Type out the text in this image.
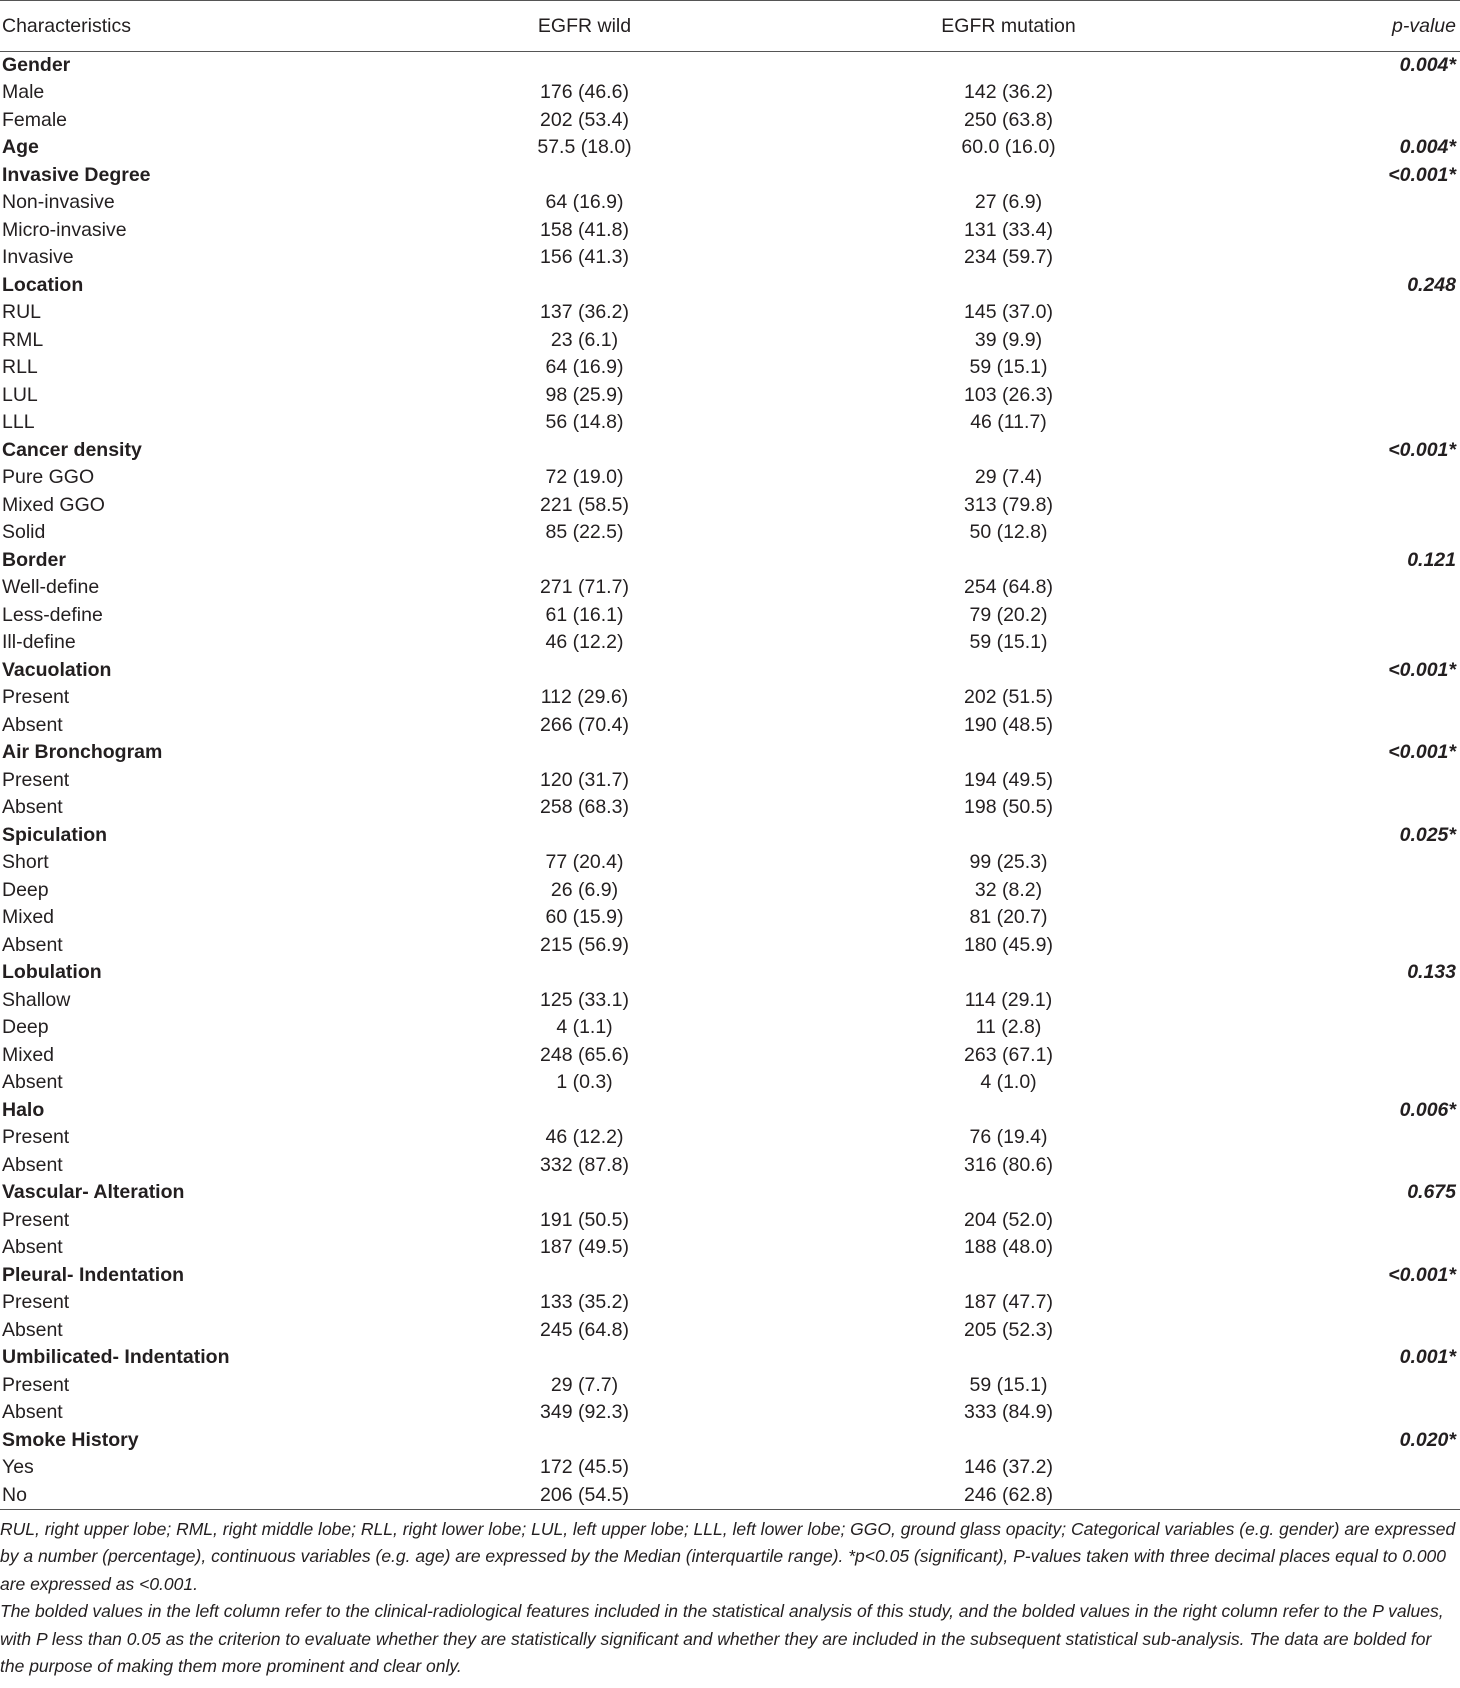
Characteristics	EGFR wild	EGFR mutation	p-value
Gender			0.004*
Male	176 (46.6)	142 (36.2)	
Female	202 (53.4)	250 (63.8)	
Age	57.5 (18.0)	60.0 (16.0)	0.004*
Invasive Degree			<0.001*
Non-invasive	64 (16.9)	27 (6.9)	
Micro-invasive	158 (41.8)	131 (33.4)	
Invasive	156 (41.3)	234 (59.7)	
Location			0.248
RUL	137 (36.2)	145 (37.0)	
RML	23 (6.1)	39 (9.9)	
RLL	64 (16.9)	59 (15.1)	
LUL	98 (25.9)	103 (26.3)	
LLL	56 (14.8)	46 (11.7)	
Cancer density			<0.001*
Pure GGO	72 (19.0)	29 (7.4)	
Mixed GGO	221 (58.5)	313 (79.8)	
Solid	85 (22.5)	50 (12.8)	
Border			0.121
Well-define	271 (71.7)	254 (64.8)	
Less-define	61 (16.1)	79 (20.2)	
Ill-define	46 (12.2)	59 (15.1)	
Vacuolation			<0.001*
Present	112 (29.6)	202 (51.5)	
Absent	266 (70.4)	190 (48.5)	
Air Bronchogram			<0.001*
Present	120 (31.7)	194 (49.5)	
Absent	258 (68.3)	198 (50.5)	
Spiculation			0.025*
Short	77 (20.4)	99 (25.3)	
Deep	26 (6.9)	32 (8.2)	
Mixed	60 (15.9)	81 (20.7)	
Absent	215 (56.9)	180 (45.9)	
Lobulation			0.133
Shallow	125 (33.1)	114 (29.1)	
Deep	4 (1.1)	11 (2.8)	
Mixed	248 (65.6)	263 (67.1)	
Absent	1 (0.3)	4 (1.0)	
Halo			0.006*
Present	46 (12.2)	76 (19.4)	
Absent	332 (87.8)	316 (80.6)	
Vascular- Alteration			0.675
Present	191 (50.5)	204 (52.0)	
Absent	187 (49.5)	188 (48.0)	
Pleural- Indentation			<0.001*
Present	133 (35.2)	187 (47.7)	
Absent	245 (64.8)	205 (52.3)	
Umbilicated- Indentation			0.001*
Present	29 (7.7)	59 (15.1)	
Absent	349 (92.3)	333 (84.9)	
Smoke History			0.020*
Yes	172 (45.5)	146 (37.2)	
No	206 (54.5)	246 (62.8)	

RUL, right upper lobe; RML, right middle lobe; RLL, right lower lobe; LUL, left upper lobe; LLL, left lower lobe; GGO, ground glass opacity; Categorical variables (e.g. gender) are expressed by a number (percentage), continuous variables (e.g. age) are expressed by the Median (interquartile range). *p<0.05 (significant), P-values taken with three decimal places equal to 0.000 are expressed as <0.001.

The bolded values in the left column refer to the clinical-radiological features included in the statistical analysis of this study, and the bolded values in the right column refer to the P values, with P less than 0.05 as the criterion to evaluate whether they are statistically significant and whether they are included in the subsequent statistical sub-analysis. The data are bolded for the purpose of making them more prominent and clear only.
